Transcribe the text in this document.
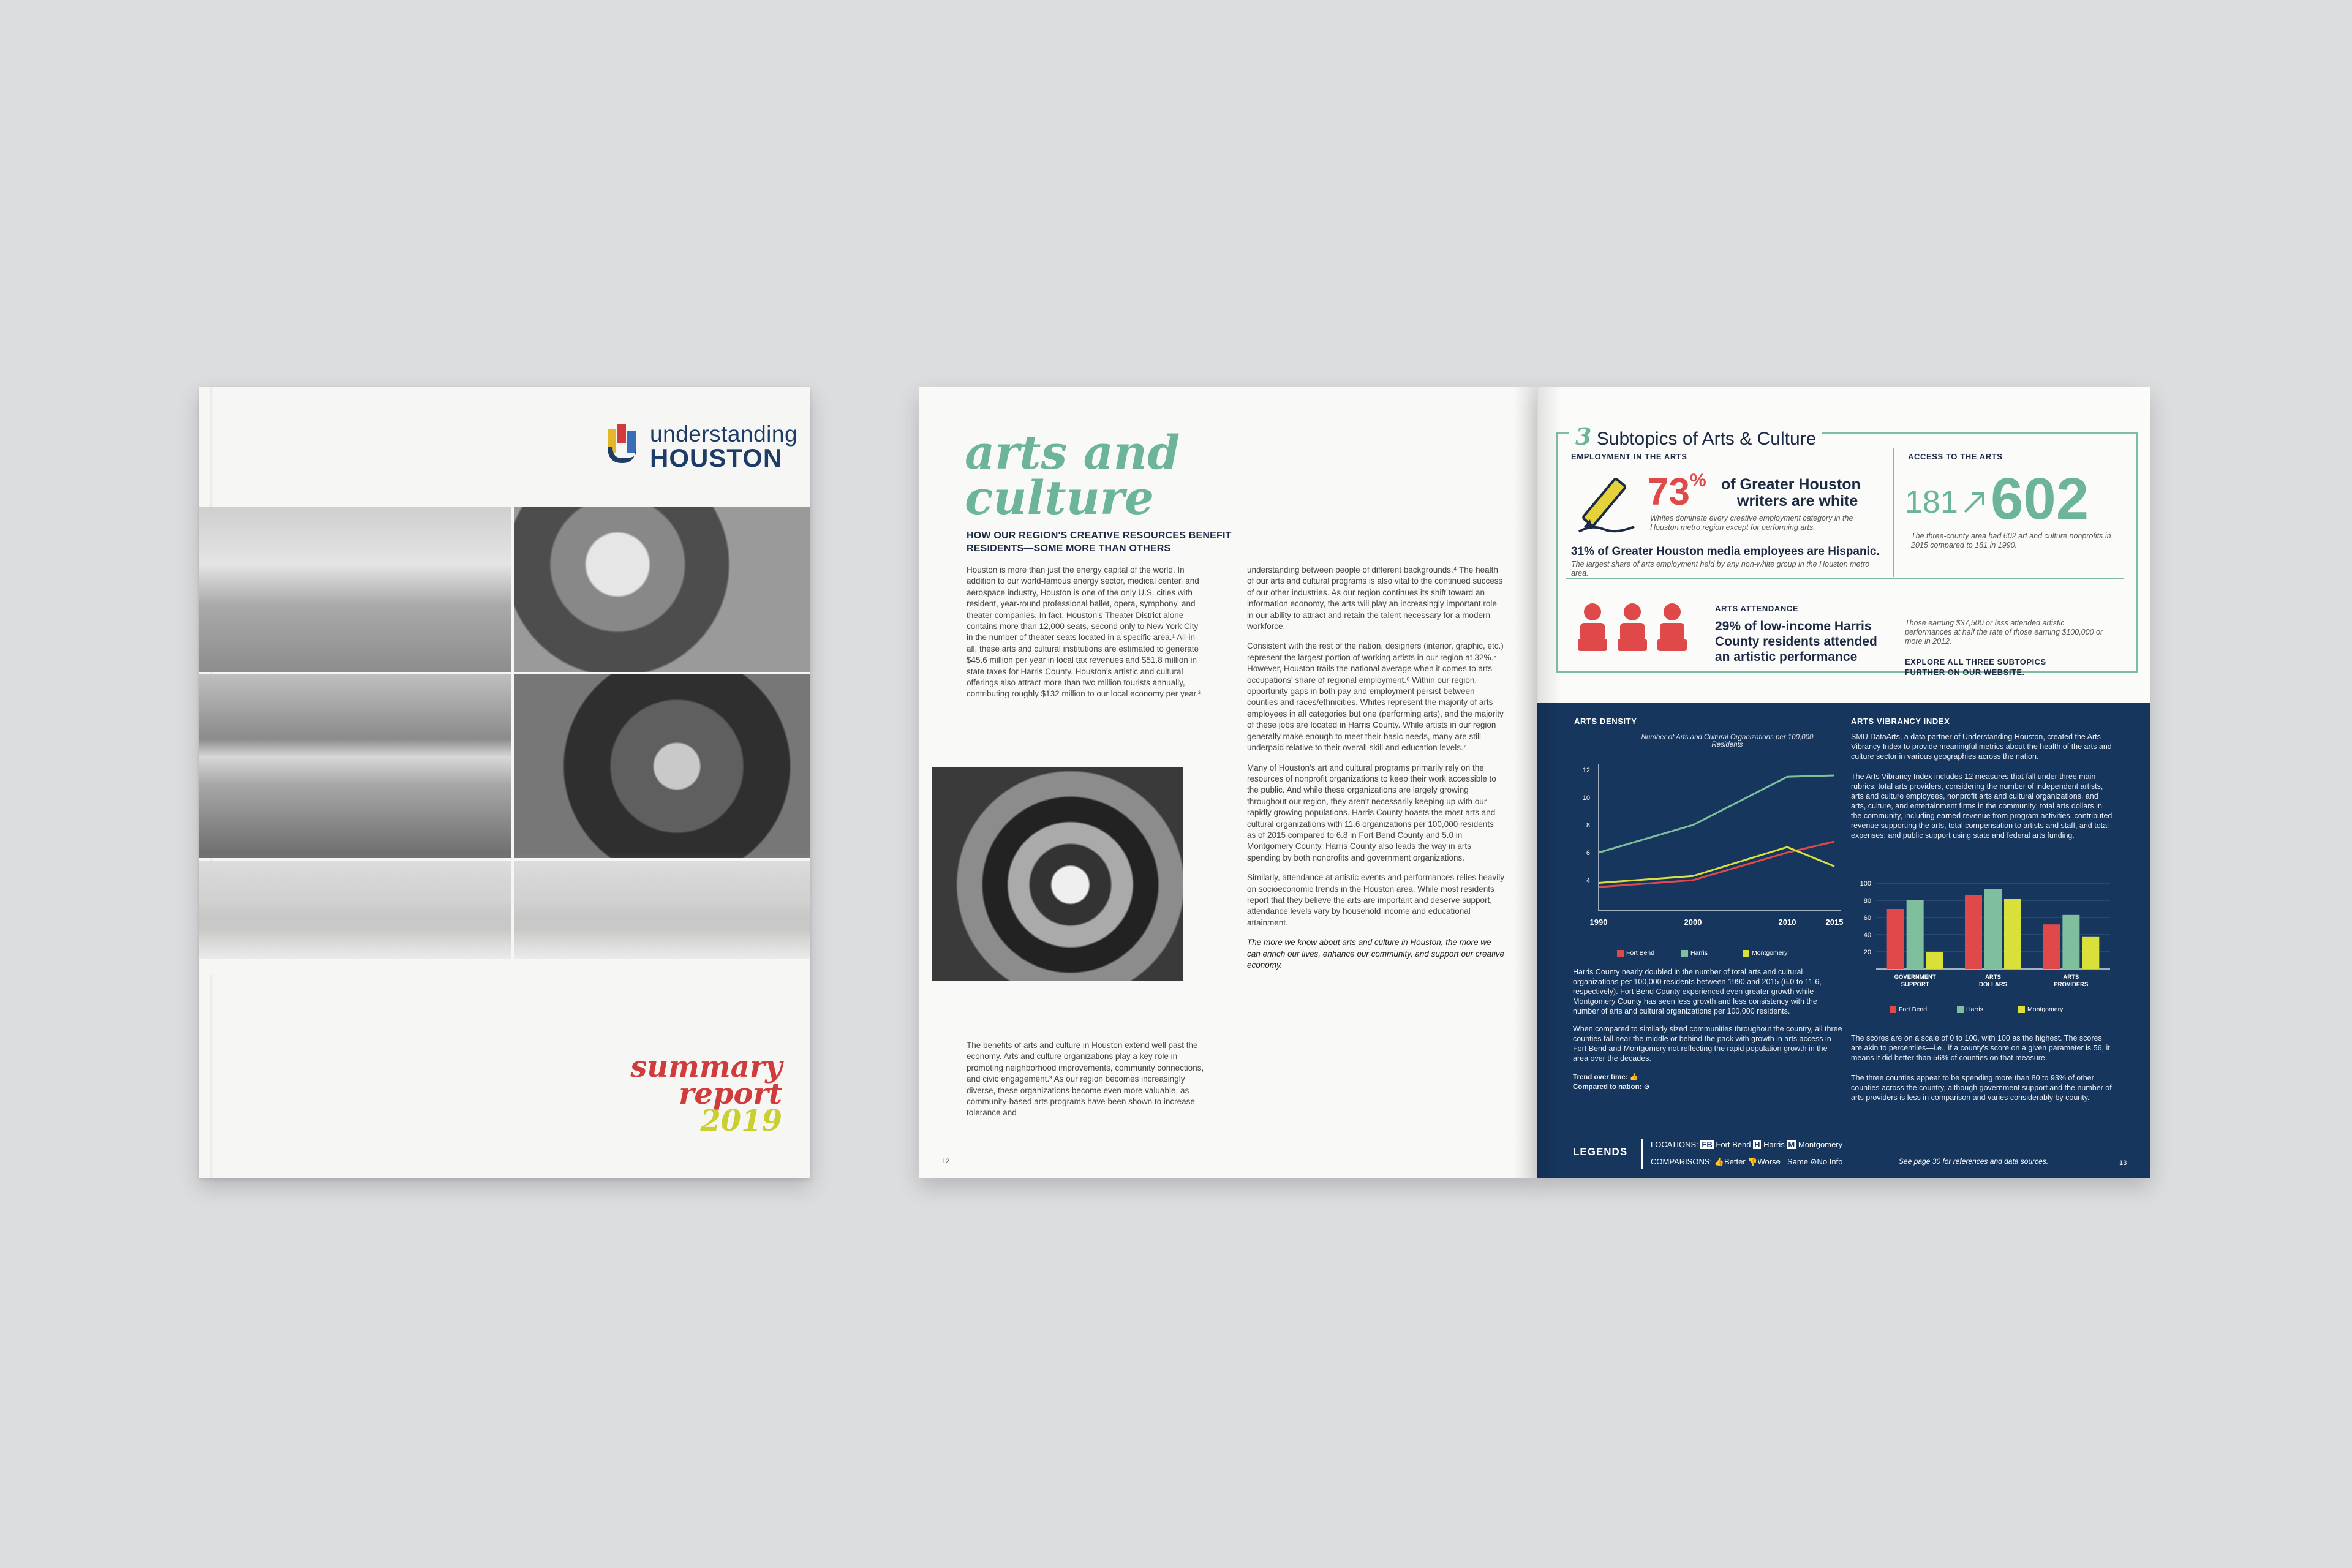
understanding
HOUSTON
summary
report
2019
arts and
culture
HOW OUR REGION'S CREATIVE RESOURCES BENEFIT RESIDENTS—SOME MORE THAN OTHERS

Houston is more than just the energy capital of the world. In addition to our world-famous energy sector, medical center, and aerospace industry, Houston is one of the only U.S. cities with resident, year-round professional ballet, opera, symphony, and theater companies. In fact, Houston's Theater District alone contains more than 12,000 seats, second only to New York City in the number of theater seats located in a specific area.¹ All-in-all, these arts and cultural institutions are estimated to generate $45.6 million per year in local tax revenues and $51.8 million in state taxes for Harris County. Houston's artistic and cultural offerings also attract more than two million tourists annually, contributing roughly $132 million to our local economy per year.²

The benefits of arts and culture in Houston extend well past the economy. Arts and culture organizations play a key role in promoting neighborhood improvements, community connections, and civic engagement.³ As our region becomes increasingly diverse, these organizations become even more valuable, as community-based arts programs have been shown to increase tolerance and

understanding between people of different backgrounds.⁴ The health of our arts and cultural programs is also vital to the continued success of our other industries. As our region continues its shift toward an information economy, the arts will play an increasingly important role in our ability to attract and retain the talent necessary for a modern workforce.

Consistent with the rest of the nation, designers (interior, graphic, etc.) represent the largest portion of working artists in our region at 32%.⁵ However, Houston trails the national average when it comes to arts occupations' share of regional employment.⁶ Within our region, opportunity gaps in both pay and employment persist between counties and races/ethnicities. Whites represent the majority of arts employees in all categories but one (performing arts), and the majority of these jobs are located in Harris County. While artists in our region generally make enough to meet their basic needs, many are still underpaid relative to their overall skill and education levels.⁷

Many of Houston's art and cultural programs primarily rely on the resources of nonprofit organizations to keep their work accessible to the public. And while these organizations are largely growing throughout our region, they aren't necessarily keeping up with our rapidly growing populations. Harris County boasts the most arts and cultural organizations with 11.6 organizations per 100,000 residents as of 2015 compared to 6.8 in Fort Bend County and 5.0 in Montgomery County. Harris County also leads the way in arts spending by both nonprofits and government organizations.

Similarly, attendance at artistic events and performances relies heavily on socioeconomic trends in the Houston area. While most residents report that they believe the arts are important and deserve support, attendance levels vary by household income and educational attainment.

The more we know about arts and culture in Houston, the more we can enrich our lives, enhance our community, and support our creative economy.

12
3 Subtopics of Arts & Culture
EMPLOYMENT IN THE ARTS
73% of Greater Houston
writers are white
Whites dominate every creative employment category in the Houston metro region except for performing arts.
31% of Greater Houston media employees are Hispanic.
The largest share of arts employment held by any non-white group in the Houston metro area.
ACCESS TO THE ARTS
181 602
The three-county area had 602 art and culture nonprofits in 2015 compared to 181 in 1990.
ARTS ATTENDANCE
29% of low-income Harris County residents attended an artistic performance
Those earning $37,500 or less attended artistic performances at half the rate of those earning $100,000 or more in 2012.
EXPLORE ALL THREE SUBTOPICS FURTHER ON OUR WEBSITE.
ARTS DENSITY
Number of Arts and Cultural Organizations per 100,000 Residents
4
6
8
10
12
1990	2000	2010	2015
Fort Bend	Harris	Montgomery
Harris County nearly doubled in the number of total arts and cultural organizations per 100,000 residents between 1990 and 2015 (6.0 to 11.6, respectively). Fort Bend County experienced even greater growth while Montgomery County has seen less growth and less consistency with the number of arts and cultural organizations per 100,000 residents.
When compared to similarly sized communities throughout the country, all three counties fall near the middle or behind the pack with growth in arts access in Fort Bend and Montgomery not reflecting the rapid population growth in the area over the decades.
Trend over time: 👍
Compared to nation: ⊘
ARTS VIBRANCY INDEX
SMU DataArts, a data partner of Understanding Houston, created the Arts Vibrancy Index to provide meaningful metrics about the health of the arts and culture sector in various geographies across the nation.
The Arts Vibrancy Index includes 12 measures that fall under three main rubrics: total arts providers, considering the number of independent artists, arts and culture employees, nonprofit arts and cultural organizations, and arts, culture, and entertainment firms in the community; total arts dollars in the community, including earned revenue from program activities, contributed revenue supporting the arts, total compensation to artists and staff, and total expenses; and public support using state and federal arts funding.
20
40
60
80
100
GOVERNMENT
SUPPORT
ARTS
DOLLARS
ARTS
PROVIDERS
Fort Bend	Harris	Montgomery
The scores are on a scale of 0 to 100, with 100 as the highest. The scores are akin to percentiles—i.e., if a county's score on a given parameter is 56, it means it did better than 56% of counties on that measure.
The three counties appear to be spending more than 80 to 93% of other counties across the country, although government support and the number of arts providers is less in comparison and varies considerably by county.
LEGENDS
LOCATIONS: FB Fort Bend H Harris M Montgomery
COMPARISONS: 👍Better 👎Worse =Same ⊘No Info	See page 30 for references and data sources.	13
